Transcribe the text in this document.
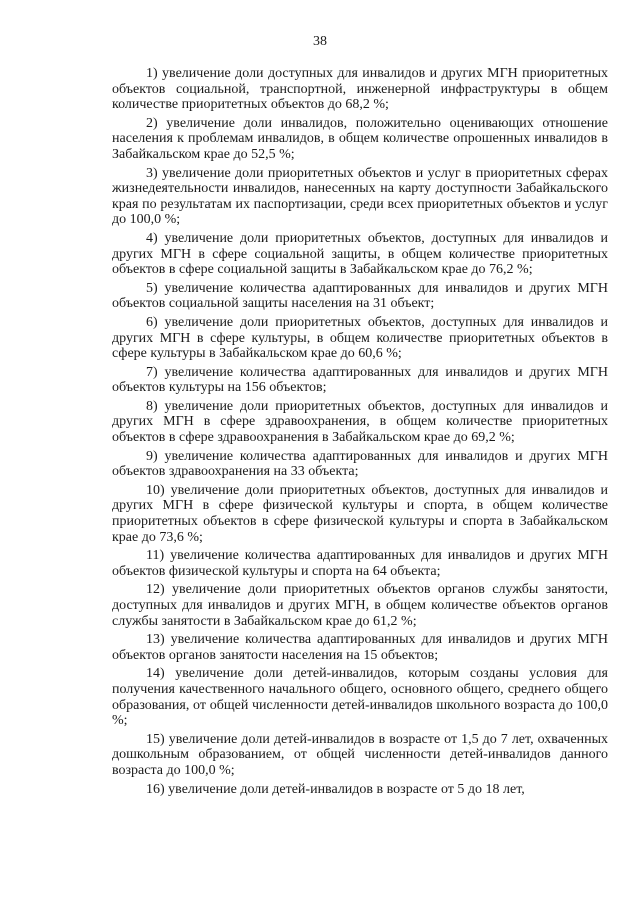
38

1) увеличение доли доступных для инвалидов и других МГН приоритетных объектов социальной, транспортной, инженерной инфраструктуры в общем количестве приоритетных объектов до 68,2 %;

2) увеличение доли инвалидов, положительно оценивающих отношение населения к проблемам инвалидов, в общем количестве опрошенных инвалидов в Забайкальском крае до 52,5 %;

3) увеличение доли приоритетных объектов и услуг в приоритетных сферах жизнедеятельности инвалидов, нанесенных на карту доступности Забайкальского края по результатам их паспортизации, среди всех приоритетных объектов и услуг до 100,0 %;

4) увеличение доли приоритетных объектов, доступных для инвалидов и других МГН в сфере социальной защиты, в общем количестве приоритетных объектов в сфере социальной защиты в Забайкальском крае до 76,2 %;

5) увеличение количества адаптированных для инвалидов и других МГН объектов социальной защиты населения на 31 объект;

6) увеличение доли приоритетных объектов, доступных для инвалидов и других МГН в сфере культуры, в общем количестве приоритетных объектов в сфере культуры в Забайкальском крае до 60,6 %;

7) увеличение количества адаптированных для инвалидов и других МГН объектов культуры на 156 объектов;

8) увеличение доли приоритетных объектов, доступных для инвалидов и других МГН в сфере здравоохранения, в общем количестве приоритетных объектов в сфере здравоохранения в Забайкальском крае до 69,2 %;

9) увеличение количества адаптированных для инвалидов и других МГН объектов здравоохранения на 33 объекта;

10) увеличение доли приоритетных объектов, доступных для инвалидов и других МГН в сфере физической культуры и спорта, в общем количестве приоритетных объектов в сфере физической культуры и спорта в Забайкальском крае до 73,6 %;

11) увеличение количества адаптированных для инвалидов и других МГН объектов физической культуры и спорта на 64 объекта;

12) увеличение доли приоритетных объектов органов службы занятости, доступных для инвалидов и других МГН, в общем количестве объектов органов службы занятости в Забайкальском крае до 61,2 %;

13) увеличение количества адаптированных для инвалидов и других МГН объектов органов занятости населения на 15 объектов;

14) увеличение доли детей-инвалидов, которым созданы условия для получения качественного начального общего, основного общего, среднего общего образования, от общей численности детей-инвалидов школьного возраста до 100,0 %;

15) увеличение доли детей-инвалидов в возрасте от 1,5 до 7 лет, охваченных дошкольным образованием, от общей численности детей-инвалидов данного возраста до 100,0 %;

16) увеличение доли детей-инвалидов в возрасте от 5 до 18 лет,
